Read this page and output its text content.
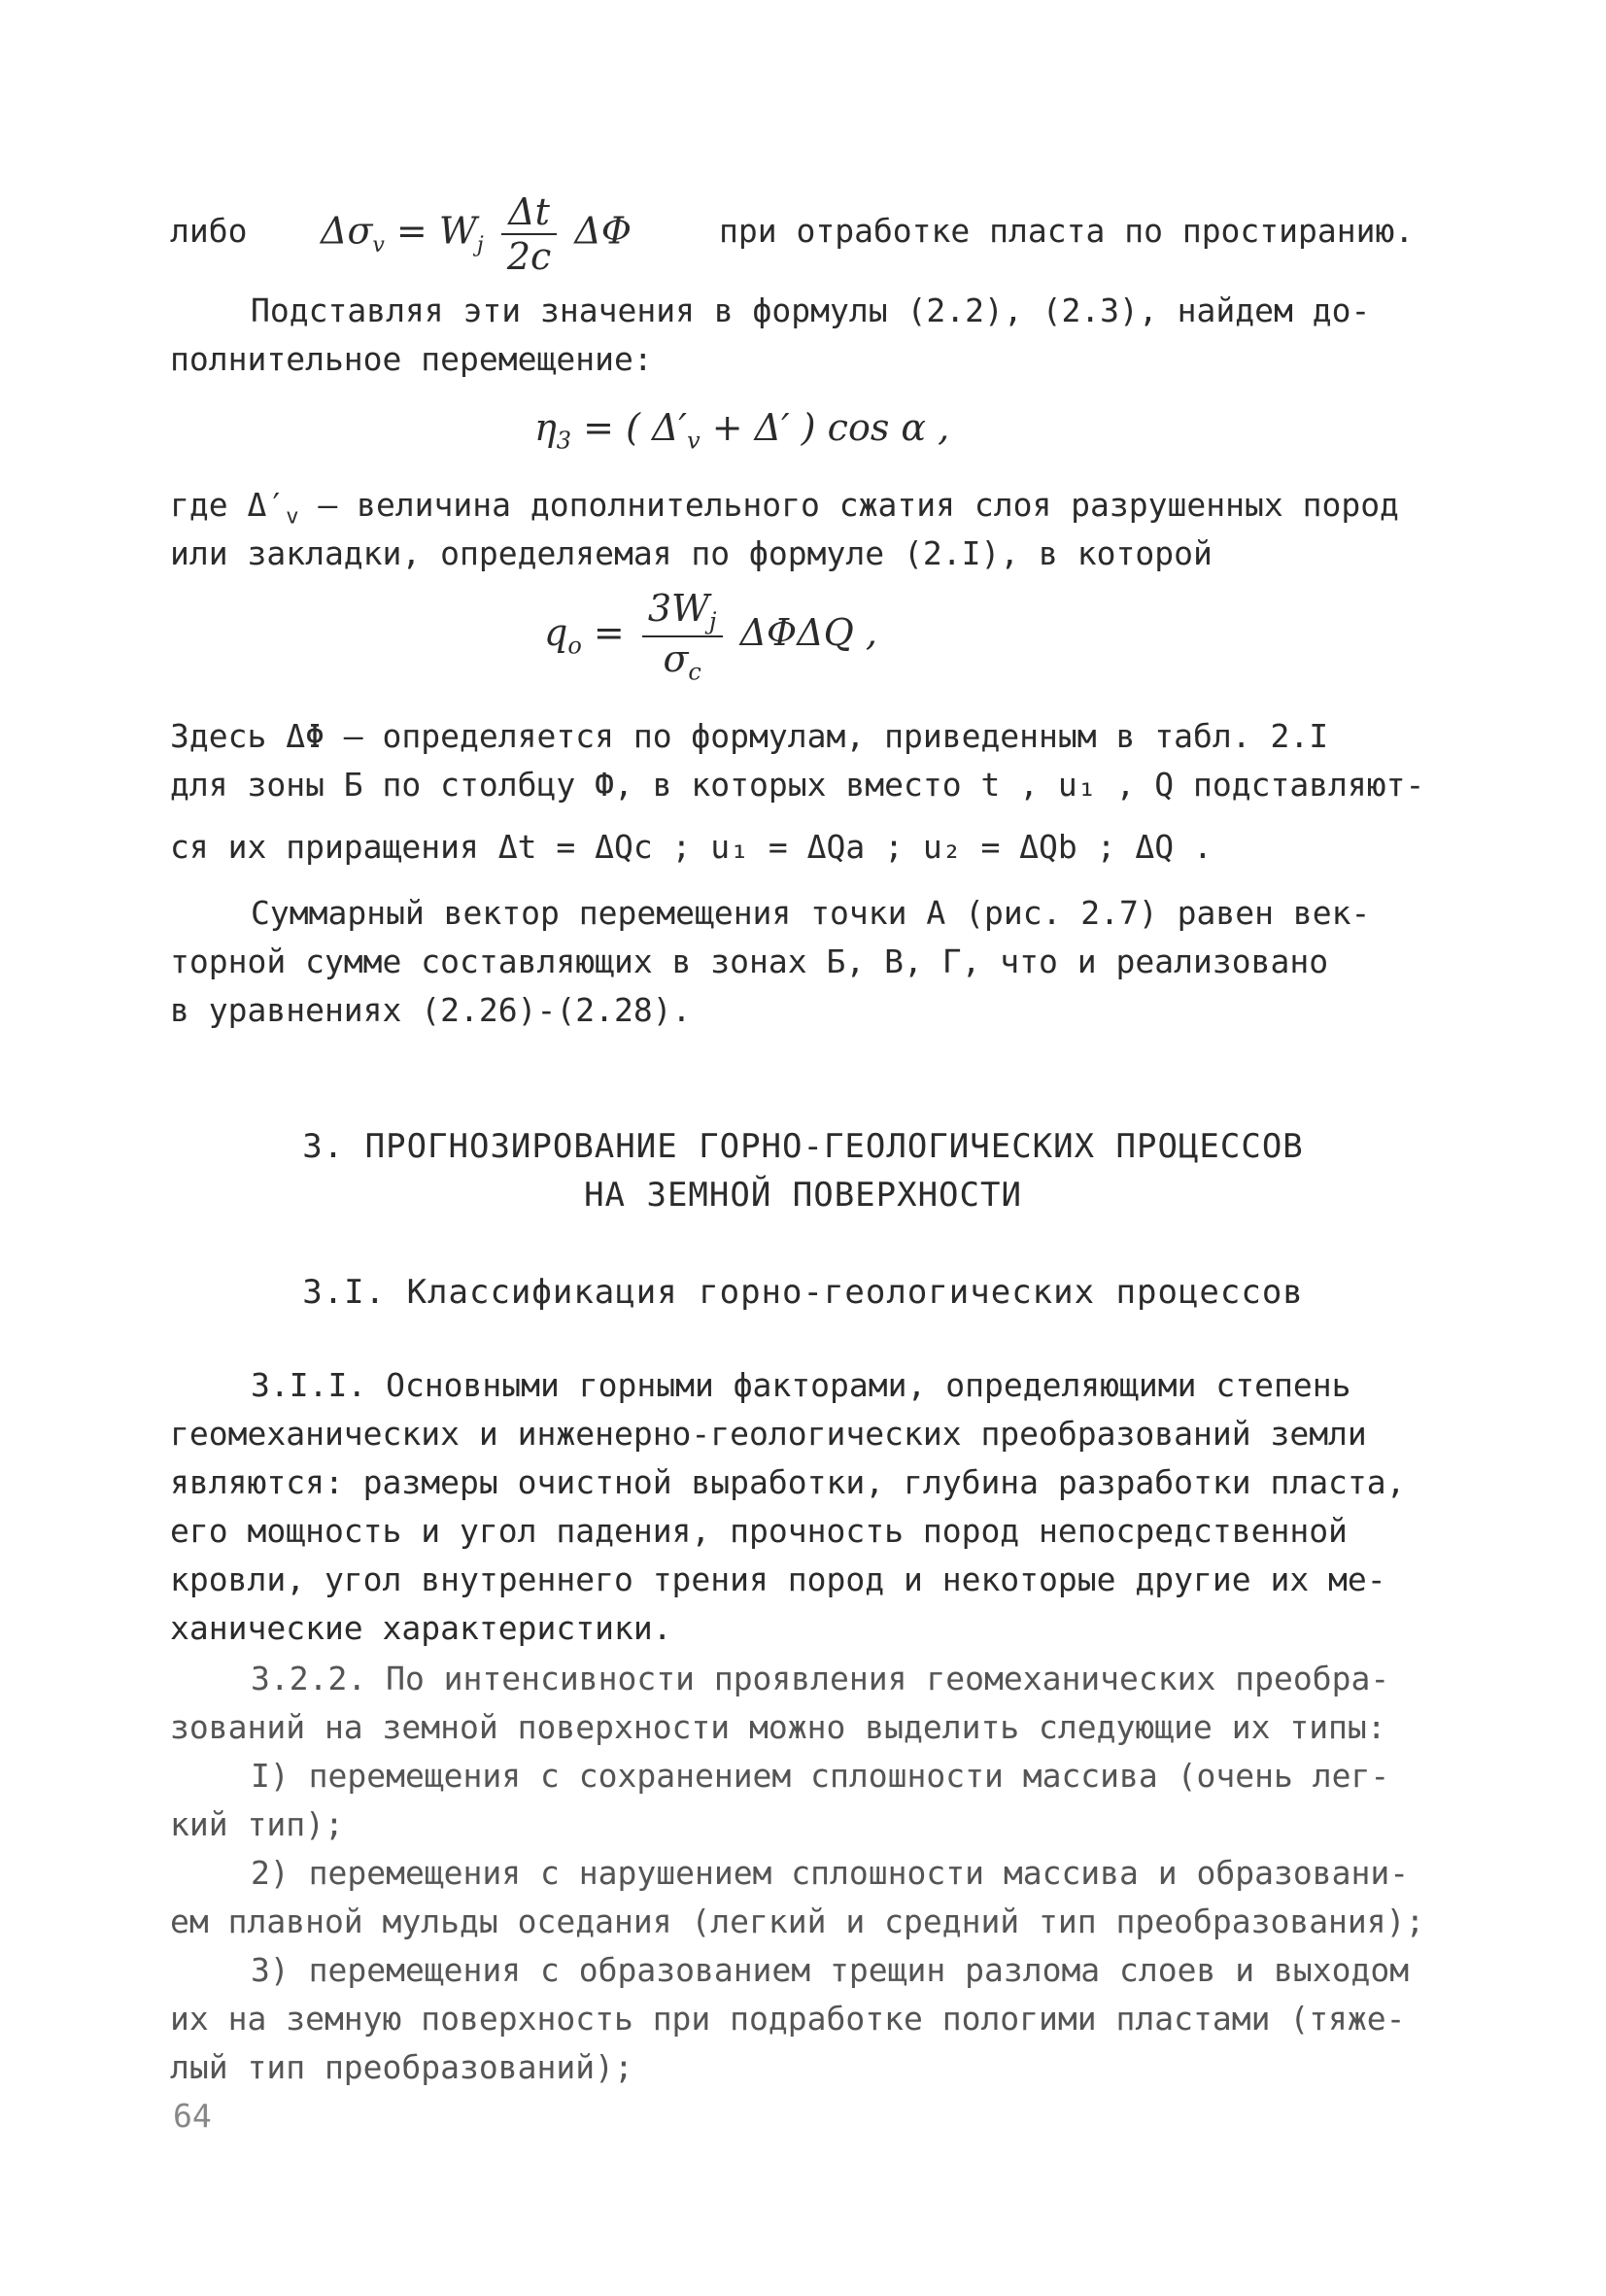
либо	$\Delta\sigma_v = W_j \frac{\Delta t}{2c}$ ΔΦ	при отработке пласта по простиранию.
Подставляя эти значения в формулы (2.2), (2.3), найдем до-
полнительное перемещение:
$\eta_3$ = ( $\Delta'_v + \Delta'$ ) cos α ,
где $\Delta'_v$ – величина дополнительного сжатия слоя разрушенных пород
или закладки, определяемая по формуле (2.I), в которой
$q_o = \frac{3W_j}{\sigma_c}$ ΔΦΔQ ,
Здесь ΔΦ – определяется по формулам, приведенным в табл. 2.I
для зоны Б по столбцу Ф, в которых вместо t , u₁ , Q подставляют-
ся их приращения Δt = ΔQc ; u₁ = ΔQa ; u₂ = ΔQb ; ΔQ .
Суммарный вектор перемещения точки А (рис. 2.7) равен век-
торной сумме составляющих в зонах Б, В, Г, что и реализовано
в уравнениях (2.26)-(2.28).
3. ПРОГНОЗИРОВАНИЕ ГОРНО-ГЕОЛОГИЧЕСКИХ ПРОЦЕССОВ
НА ЗЕМНОЙ ПОВЕРХНОСТИ
3.I. Классификация горно-геологических процессов
3.I.I. Основными горными факторами, определяющими степень
геомеханических и инженерно-геологических преобразований земли
являются: размеры очистной выработки, глубина разработки пласта,
его мощность и угол падения, прочность пород непосредственной
кровли, угол внутреннего трения пород и некоторые другие их ме-
ханические характеристики.
3.2.2. По интенсивности проявления геомеханических преобра-
зований на земной поверхности можно выделить следующие их типы:
I) перемещения с сохранением сплошности массива (очень лег-
кий тип);
2) перемещения с нарушением сплошности массива и образовани-
ем плавной мульды оседания (легкий и средний тип преобразования);
3) перемещения с образованием трещин разлома слоев и выходом
их на земную поверхность при подработке пологими пластами (тяже-
лый тип преобразований);
64
